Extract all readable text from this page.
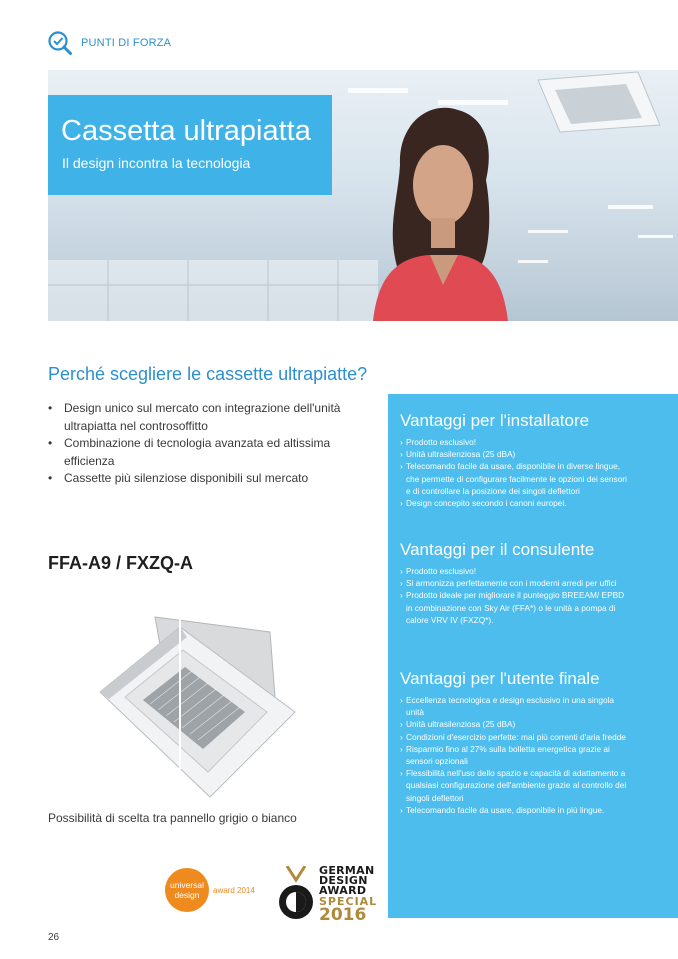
PUNTI DI FORZA
Cassetta ultrapiatta
Il design incontra la tecnologia
Perché scegliere le cassette ultrapiatte?
• Design unico sul mercato con integrazione dell'unità ultrapiatta nel controsoffitto
• Combinazione di tecnologia avanzata ed altissima efficienza
• Cassette più silenziose disponibili sul mercato
FFA-A9 / FXZQ-A
Possibilità di scelta tra pannello grigio o bianco
universal
design	award 2014
GERMAN
DESIGN
AWARD
SPECIAL
2016
26
Vantaggi per l'installatore
› Prodotto esclusivo!
› Unità ultrasilenziosa (25 dBA)
› Telecomando facile da usare, disponibile in diverse lingue, che permette di configurare facilmente le opzioni dei sensori e di controllare la posizione dei singoli deflettori
› Design concepito secondo i canoni europei.
Vantaggi per il consulente
› Prodotto esclusivo!
› Si armonizza perfettamente con i moderni arredi per uffici
› Prodotto ideale per migliorare il punteggio BREEAM/ EPBD in combinazione con Sky Air (FFA*) o le unità a pompa di calore VRV IV (FXZQ*).
Vantaggi per l'utente finale
› Eccellenza tecnologica e design esclusivo in una singola unità
› Unità ultrasilenziosa (25 dBA)
› Condizioni d'esercizio perfette: mai più correnti d'aria fredde
› Risparmio fino al 27% sulla bolletta energetica grazie ai sensori opzionali
› Flessibilità nell'uso dello spazio e capacità di adattamento a qualsiasi configurazione dell'ambiente grazie al controllo dei singoli deflettori
› Telecomando facile da usare, disponibile in più lingue.
